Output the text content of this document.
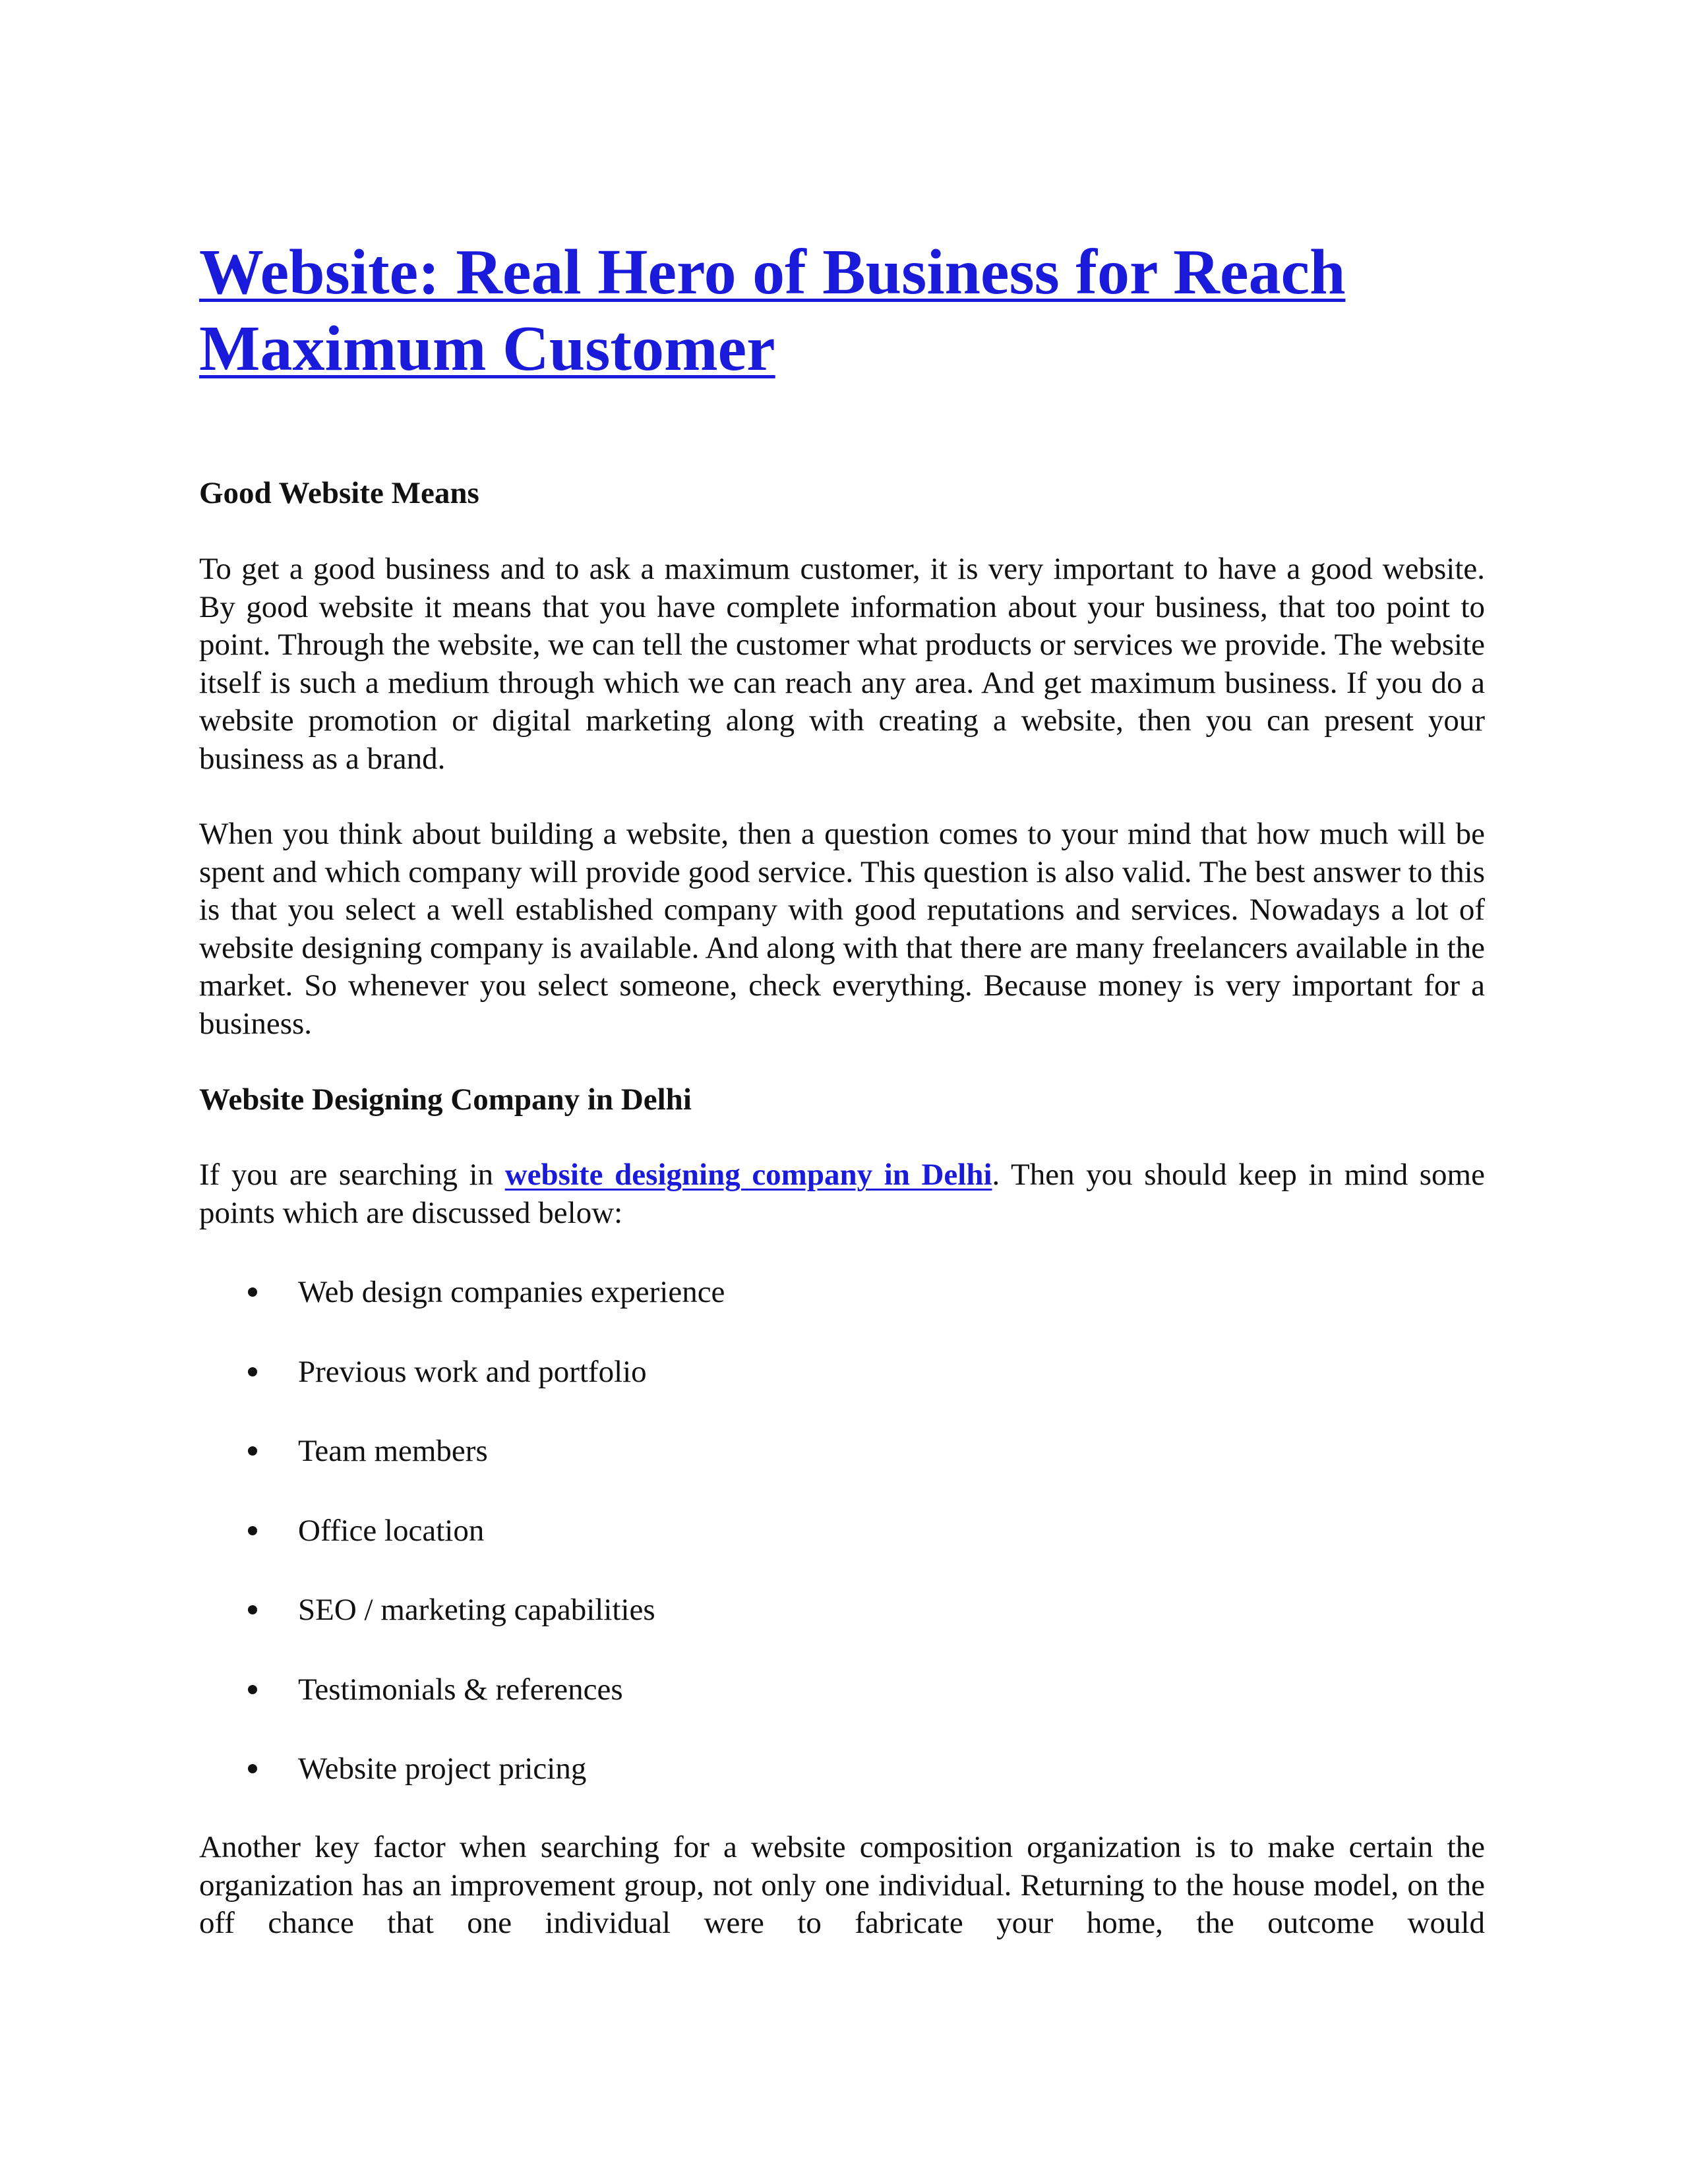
Website: Real Hero of Business for Reach
Maximum Customer
Good Website Means

To get a good business and to ask a maximum customer, it is very important to have a good website. By good website it means that you have complete information about your business, that too point to point. Through the website, we can tell the customer what products or services we provide. The website itself is such a medium through which we can reach any area. And get maximum business. If you do a website promotion or digital marketing along with creating a website, then you can present your business as a brand.

When you think about building a website, then a question comes to your mind that how much will be spent and which company will provide good service. This question is also valid. The best answer to this is that you select a well established company with good reputations and services. Nowadays a lot of website designing company is available. And along with that there are many freelancers available in the market. So whenever you select someone, check everything. Because money is very important for a business.

Website Designing Company in Delhi

If you are searching in website designing company in Delhi. Then you should keep in mind some points which are discussed below:

Web design companies experience
Previous work and portfolio
Team members
Office location
SEO / marketing capabilities
Testimonials & references
Website project pricing

Another key factor when searching for a website composition organization is to make certain the organization has an improvement group, not only one individual. Returning to the house model, on the off chance that one individual were to fabricate your home, the outcome would
